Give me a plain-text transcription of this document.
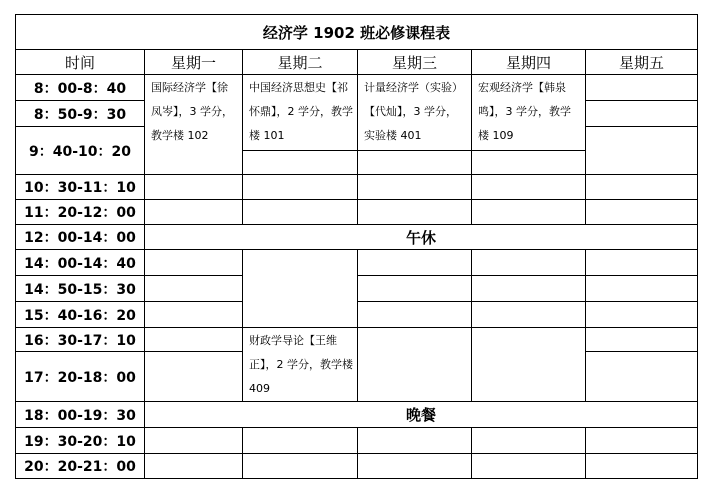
经济学 1902 班必修课程表					
时间	星期一	星期二	星期三	星期四	星期五
8：00-8：40	国际经济学【徐凤岑】，3 学分，教学楼 102	中国经济思想史【祁怀鼎】，2 学分，教学楼 101	计量经济学（实验）【代灿】，3 学分，实验楼 401	宏观经济学【韩泉鸣】，3 学分，教学楼 109	
8：50-9：30					
9：40-10：20					

10：30-11：10					
11：20-12：00					
12：00-14：00	午休				
14：00-14：40					
14：50-15：30					
15：40-16：20					
16：30-17：10		财政学导论【王维正】，2 学分，教学楼 409			
17：20-18：00					
18：00-19：30	晚餐				
19：30-20：10					
20：20-21：00					
